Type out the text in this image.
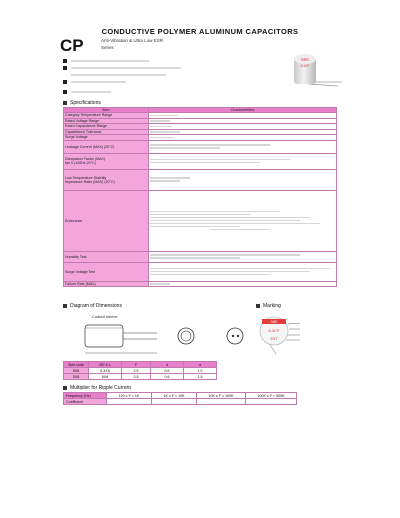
CONDUCTIVE POLYMER ALUMINUM CAPACITORS
CP	Anti-Vibration & Ultra Low ESR
Series
560
6.3CP
Specifications
Item	Characteristics
Category Temperature Range	

Rated Voltage Range	

Rated Capacitance Range	

Capacitance Tolerance	

Surge Voltage	

Leakage Current (MAX) (20°C)	

Dissipation Factor (MAX)
tan δ (120Hz,20°C)	

Low Temperature Stability
Impedance Ratio (MAX) (20°C)	

Endurance	

Humidity Test	

Surge Voltage Test	

Failure Rate (MAX)	
Diagram of Dimensions
Coated sleeve
Marking
560
6.3CP
E57
Size code	ØD X L	F	d	a
D08	6.3X8	2.5	0.6	1.0
D08	8X8	3.5	0.6	1.5
Multiplier for Ripple Current
Frequency (Hz)	120 ≤ F < 1K	1K ≤ F < 10K	10K ≤ F < 100K	100K ≤ F < 500K
Coefficient				
